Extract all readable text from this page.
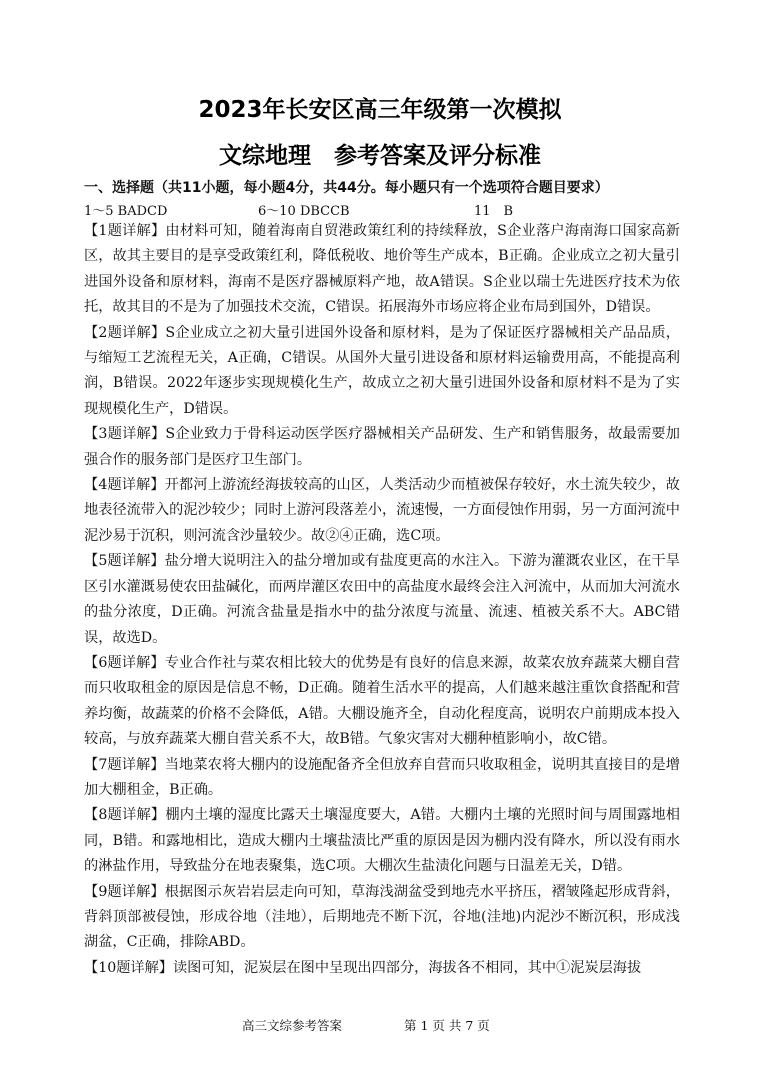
2023年长安区高三年级第一次模拟
文综地理　参考答案及评分标准
一、选择题（共11小题，每小题4分，共44分。每小题只有一个选项符合题目要求）
1～5 BADCD	6～10 DBCCB	11　B

【1题详解】由材料可知，随着海南自贸港政策红利的持续释放，S企业落户海南海口国家高新区，故其主要目的是享受政策红利，降低税收、地价等生产成本，B正确。企业成立之初大量引进国外设备和原材料，海南不是医疗器械原料产地，故A错误。S企业以瑞士先进医疗技术为依托，故其目的不是为了加强技术交流，C错误。拓展海外市场应将企业布局到国外，D错误。

【2题详解】S企业成立之初大量引进国外设备和原材料，是为了保证医疗器械相关产品品质，与缩短工艺流程无关，A正确，C错误。从国外大量引进设备和原材料运输费用高，不能提高利润，B错误。2022年逐步实现规模化生产，故成立之初大量引进国外设备和原材料不是为了实现规模化生产，D错误。

【3题详解】S企业致力于骨科运动医学医疗器械相关产品研发、生产和销售服务，故最需要加强合作的服务部门是医疗卫生部门。

【4题详解】开都河上游流经海拔较高的山区，人类活动少而植被保存较好，水土流失较少，故地表径流带入的泥沙较少；同时上游河段落差小，流速慢，一方面侵蚀作用弱，另一方面河流中泥沙易于沉积，则河流含沙量较少。故②④正确，选C项。

【5题详解】盐分增大说明注入的盐分增加或有盐度更高的水注入。下游为灌溉农业区，在干旱区引水灌溉易使农田盐碱化，而两岸灌区农田中的高盐度水最终会注入河流中，从而加大河流水的盐分浓度，D正确。河流含盐量是指水中的盐分浓度与流量、流速、植被关系不大。ABC错误，故选D。

【6题详解】专业合作社与菜农相比较大的优势是有良好的信息来源，故菜农放弃蔬菜大棚自营而只收取租金的原因是信息不畅，D正确。随着生活水平的提高，人们越来越注重饮食搭配和营养均衡，故蔬菜的价格不会降低，A错。大棚设施齐全，自动化程度高，说明农户前期成本投入较高，与放弃蔬菜大棚自营关系不大，故B错。气象灾害对大棚种植影响小，故C错。

【7题详解】当地菜农将大棚内的设施配备齐全但放弃自营而只收取租金，说明其直接目的是增加大棚租金，B正确。

【8题详解】棚内土壤的湿度比露天土壤湿度要大，A错。大棚内土壤的光照时间与周围露地相同，B错。和露地相比，造成大棚内土壤盐渍比严重的原因是因为棚内没有降水，所以没有雨水的淋盐作用，导致盐分在地表聚集，选C项。大棚次生盐渍化问题与日温差无关，D错。

【9题详解】根据图示灰岩岩层走向可知，草海浅湖盆受到地壳水平挤压，褶皱隆起形成背斜，背斜顶部被侵蚀，形成谷地（洼地），后期地壳不断下沉，谷地(洼地)内泥沙不断沉积，形成浅湖盆，C正确，排除ABD。

【10题详解】读图可知，泥炭层在图中呈现出四部分，海拔各不相同，其中①泥炭层海拔

高三文综参考答案	第 1 页 共 7 页
